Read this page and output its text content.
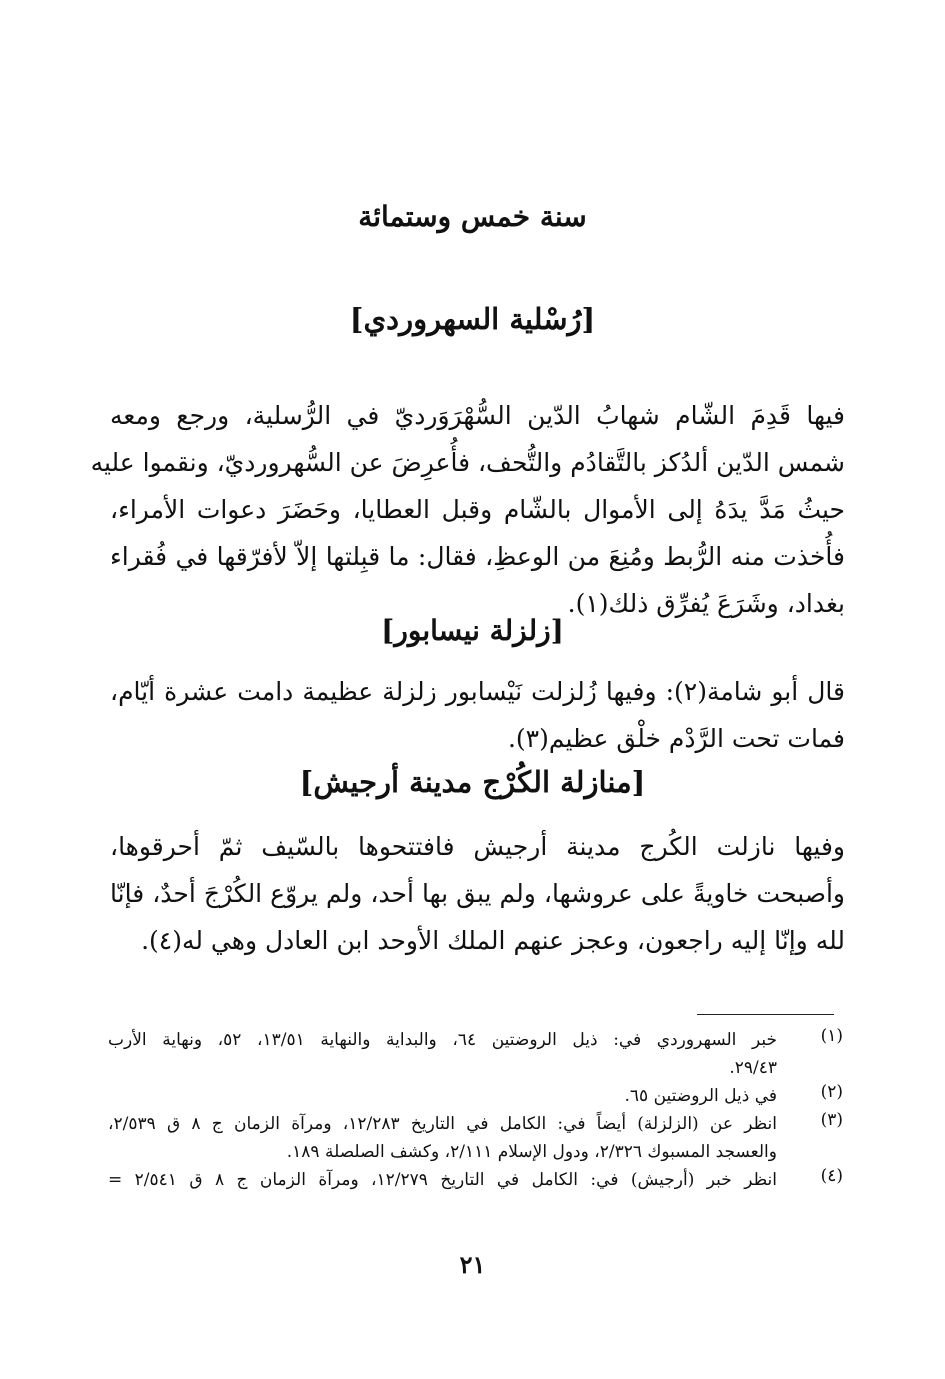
سنة خمس وستمائة
[رُسْلية السهروردي]
فيها قَدِمَ الشّام شهابُ الدّين السُّهْرَوَرديّ في الرُّسلية، ورجع ومعه
شمس الدّين ألدُكز بالتَّقادُم والتُّحف، فأُعرِضَ عن السُّهرورديّ، ونقموا عليه
حيثُ مَدَّ يدَهُ إلى الأموال بالشّام وقبل العطايا، وحَضَرَ دعوات الأمراء،
فأُخذت منه الرُّبط ومُنِعَ من الوعظِ، فقال: ما قبِلتها إلاّ لأفرّقها في فُقراء
بغداد، وشَرَعَ يُفرِّق ذلك(١).
[زلزلة نيسابور]
قال أبو شامة(٢): وفيها زُلزلت نَيْسابور زلزلة عظيمة دامت عشرة أيّام،
فمات تحت الرَّدْم خلْق عظيم(٣).
[منازلة الكُرْج مدينة أرجيش]
وفيها نازلت الكُرج مدينة أرجيش فافتتحوها بالسّيف ثمّ أحرقوها،
وأصبحت خاويةً على عروشها، ولم يبق بها أحد، ولم يروّع الكُرْجَ أحدٌ، فإنّا
لله وإنّا إليه راجعون، وعجز عنهم الملك الأوحد ابن العادل وهي له(٤).
(١)
خبر السهروردي في: ذيل الروضتين ٦٤، والبداية والنهاية ١٣/٥١، ٥٢، ونهاية الأرب
٢٩/٤٣.
(٢)
في ذيل الروضتين ٦٥.
(٣)
انظر عن (الزلزلة) أيضاً في: الكامل في التاريخ ١٢/٢٨٣، ومرآة الزمان ج ٨ ق ٢/٥٣٩،
والعسجد المسبوك ٢/٣٢٦، ودول الإسلام ٢/١١١، وكشف الصلصلة ١٨٩.
(٤)
انظر خبر (أرجيش) في: الكامل في التاريخ ١٢/٢٧٩، ومرآة الزمان ج ٨ ق ٢/٥٤١ =
٢١
